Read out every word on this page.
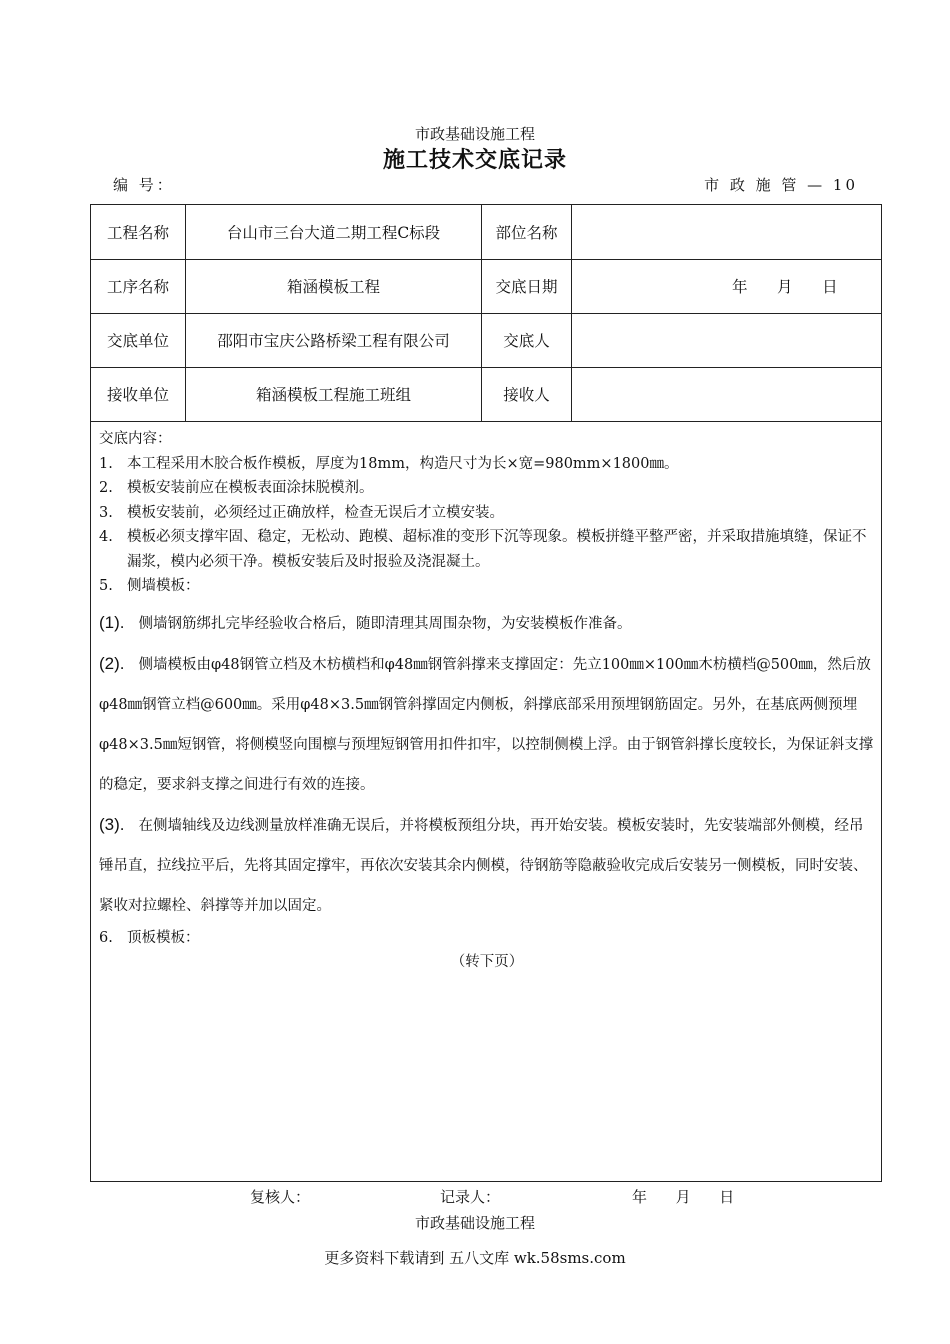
市政基础设施工程
施工技术交底记录
编 号：	市 政 施 管 — 10
工程名称	台山市三台大道二期工程C标段	部位名称
工序名称	箱涵模板工程	交底日期	年      月      日
交底单位	邵阳市宝庆公路桥梁工程有限公司	交底人
接收单位	箱涵模板工程施工班组	接收人
交底内容：
1. 本工程采用木胶合板作模板，厚度为18mm，构造尺寸为长×宽=980mm×1800㎜。
2. 模板安装前应在模板表面涂抹脱模剂。
3. 模板安装前，必须经过正确放样，检查无误后才立模安装。
4. 模板必须支撑牢固、稳定，无松动、跑模、超标准的变形下沉等现象。模板拼缝平整严密，并采取措施填缝，保证不漏浆，模内必须干净。模板安装后及时报验及浇混凝土。
5. 侧墙模板：
(1). 侧墙钢筋绑扎完毕经验收合格后，随即清理其周围杂物，为安装模板作准备。
(2). 侧墙模板由φ48钢管立档及木枋横档和φ48㎜钢管斜撑来支撑固定：先立100㎜×100㎜木枋横档@500㎜，然后放φ48㎜钢管立档@600㎜。采用φ48×3.5㎜钢管斜撑固定内侧板，斜撑底部采用预埋钢筋固定。另外，在基底两侧预埋φ48×3.5㎜短钢管，将侧模竖向围檩与预埋短钢管用扣件扣牢，以控制侧模上浮。由于钢管斜撑长度较长，为保证斜支撑的稳定，要求斜支撑之间进行有效的连接。
(3). 在侧墙轴线及边线测量放样准确无误后，并将模板预组分块，再开始安装。模板安装时，先安装端部外侧模，经吊锤吊直，拉线拉平后，先将其固定撑牢，再依次安装其余内侧模，待钢筋等隐蔽验收完成后安装另一侧模板，同时安装、紧收对拉螺栓、斜撑等并加以固定。
6. 顶板模板：
（转下页）
复核人：	记录人：	年      月      日
市政基础设施工程
更多资料下载请到 五八文库 wk.58sms.com
